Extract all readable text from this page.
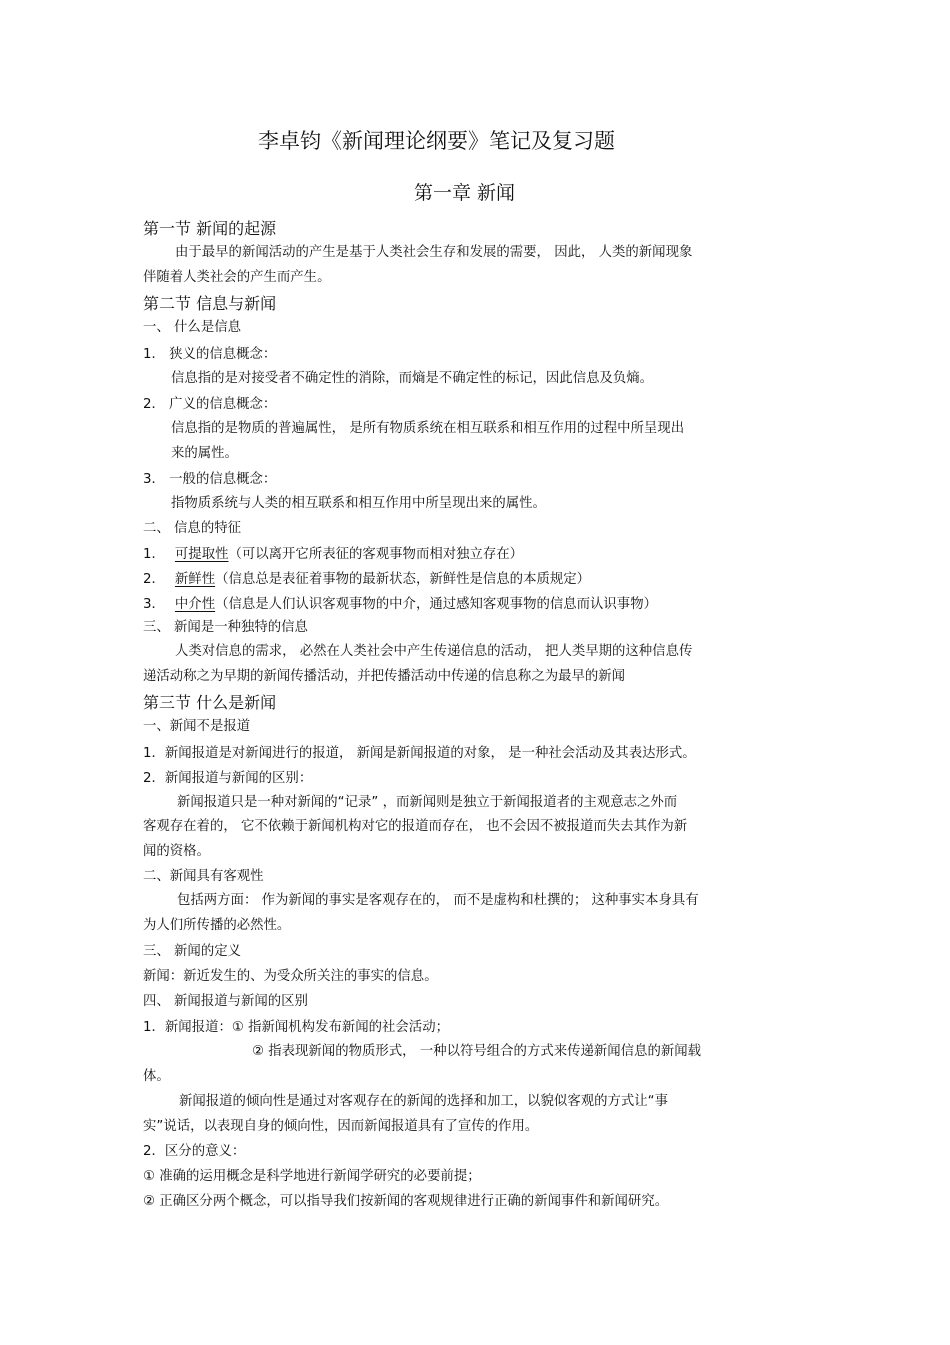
李卓钧《新闻理论纲要》笔记及复习题
第一章 新闻
第一节 新闻的起源
由于最早的新闻活动的产生是基于人类社会生存和发展的需要， 因此， 人类的新闻现象
伴随着人类社会的产生而产生。
第二节 信息与新闻
一、 什么是信息
1． 狭义的信息概念：
信息指的是对接受者不确定性的消除，而熵是不确定性的标记，因此信息及负熵。
2． 广义的信息概念：
信息指的是物质的普遍属性， 是所有物质系统在相互联系和相互作用的过程中所呈现出
来的属性。
3． 一般的信息概念：
指物质系统与人类的相互联系和相互作用中所呈现出来的属性。
二、 信息的特征
1． 可提取性（可以离开它所表征的客观事物而相对独立存在）
2． 新鲜性（信息总是表征着事物的最新状态，新鲜性是信息的本质规定）
3． 中介性（信息是人们认识客观事物的中介，通过感知客观事物的信息而认识事物）
三、 新闻是一种独特的信息
人类对信息的需求， 必然在人类社会中产生传递信息的活动， 把人类早期的这种信息传
递活动称之为早期的新闻传播活动，并把传播活动中传递的信息称之为最早的新闻
第三节 什么是新闻
一、新闻不是报道
1．新闻报道是对新闻进行的报道， 新闻是新闻报道的对象， 是一种社会活动及其表达形式。
2．新闻报道与新闻的区别：
新闻报道只是一种对新闻的“记录” ，而新闻则是独立于新闻报道者的主观意志之外而
客观存在着的， 它不依赖于新闻机构对它的报道而存在， 也不会因不被报道而失去其作为新
闻的资格。
二、新闻具有客观性
包括两方面： 作为新闻的事实是客观存在的， 而不是虚构和杜撰的； 这种事实本身具有
为人们所传播的必然性。
三、 新闻的定义
新闻：新近发生的、为受众所关注的事实的信息。
四、 新闻报道与新闻的区别
1．新闻报道：① 指新闻机构发布新闻的社会活动；
② 指表现新闻的物质形式， 一种以符号组合的方式来传递新闻信息的新闻载
体。
新闻报道的倾向性是通过对客观存在的新闻的选择和加工，以貌似客观的方式让“事
实”说话，以表现自身的倾向性，因而新闻报道具有了宣传的作用。
2．区分的意义：
① 准确的运用概念是科学地进行新闻学研究的必要前提；
② 正确区分两个概念，可以指导我们按新闻的客观规律进行正确的新闻事件和新闻研究。
